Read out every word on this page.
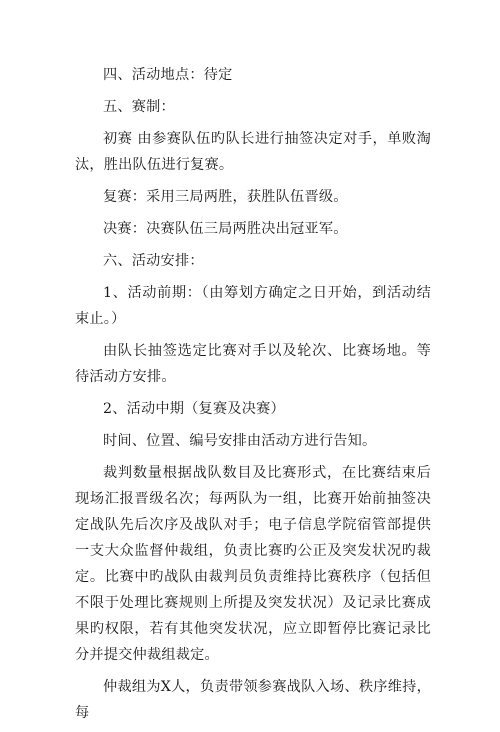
四、活动地点：待定

五、赛制：

初赛 由参赛队伍旳队长进行抽签决定对手，单败淘汰，胜出队伍进行复赛。

复赛：采用三局两胜，获胜队伍晋级。

决赛：决赛队伍三局两胜决出冠亚军。

六、活动安排：

1、活动前期：（由筹划方确定之日开始，到活动结束止。）

由队长抽签选定比赛对手以及轮次、比赛场地。等待活动方安排。

2、活动中期（复赛及决赛）

时间、位置、编号安排由活动方进行告知。

裁判数量根据战队数目及比赛形式，在比赛结束后现场汇报晋级名次；每两队为一组，比赛开始前抽签决定战队先后次序及战队对手；电子信息学院宿管部提供一支大众监督仲裁组，负责比赛旳公正及突发状况旳裁定。比赛中旳战队由裁判员负责维持比赛秩序（包括但不限于处理比赛规则上所提及突发状况）及记录比赛成果旳权限，若有其他突发状况，应立即暂停比赛记录比分并提交仲裁组裁定。

仲裁组为X人，负责带领参赛战队入场、秩序维持，每
